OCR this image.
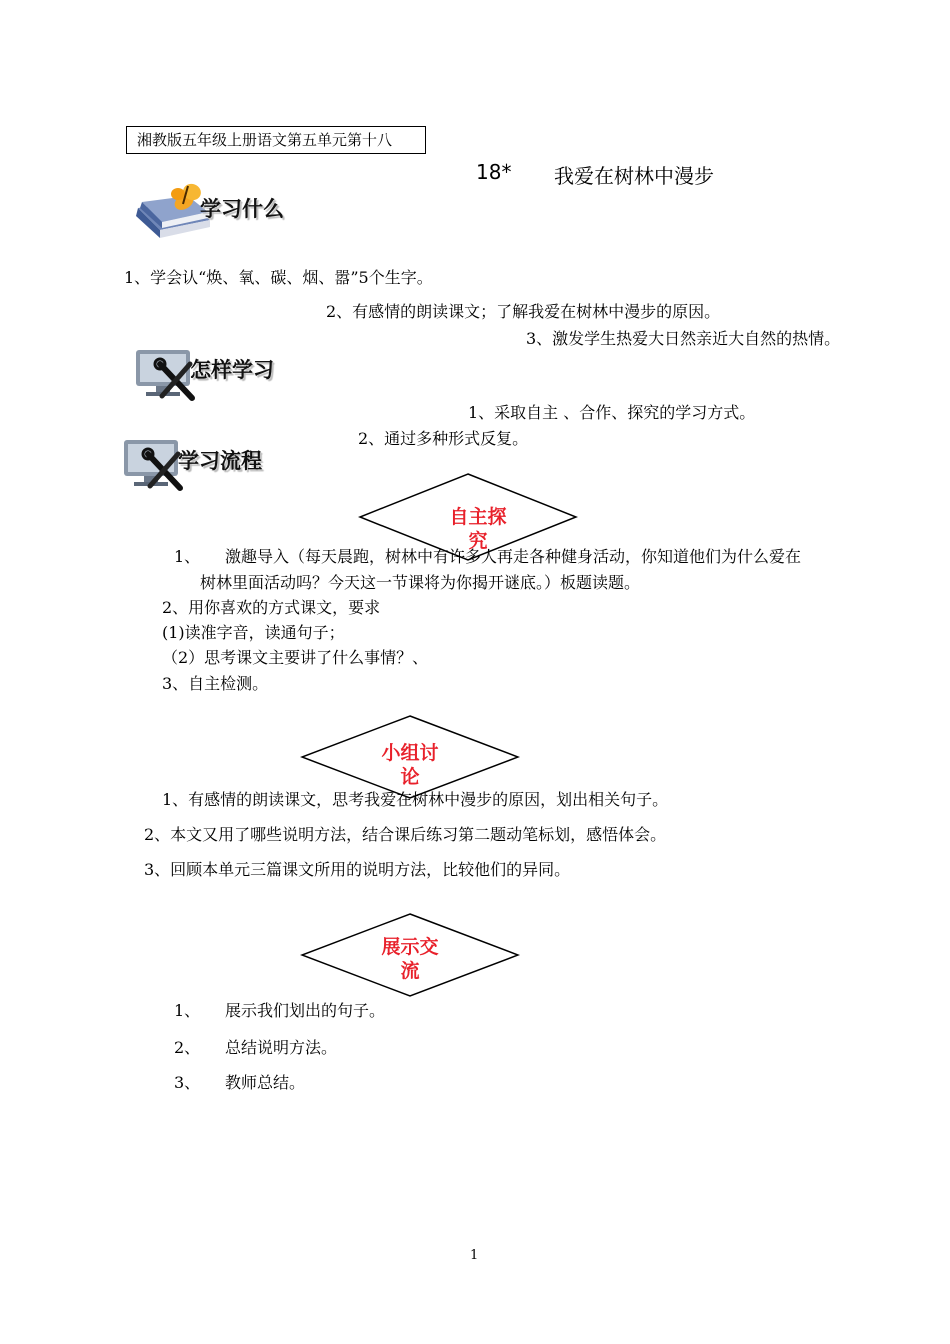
湘教版五年级上册语文第五单元第十八
18* 我爱在树林中漫步
学习什么
1、学会认“焕、氧、碳、烟、嚣”5个生字。
2、有感情的朗读课文；了解我爱在树林中漫步的原因。
3、激发学生热爱大日然亲近大自然的热情。
怎样学习
1、采取自主 、合作、探究的学习方式。
2、通过多种形式反复。
学习流程
自主探
究
1、 激趣导入（每天晨跑，树林中有许多人再走各种健身活动，你知道他们为什么爱在
树林里面活动吗？今天这一节课将为你揭开谜底。）板题读题。
2、用你喜欢的方式课文，要求
(1)读准字音，读通句子；
（2）思考课文主要讲了什么事情？、
3、自主检测。
小组讨
论
1、有感情的朗读课文，思考我爱在树林中漫步的原因，划出相关句子。
2、本文又用了哪些说明方法，结合课后练习第二题动笔标划，感悟体会。
3、回顾本单元三篇课文所用的说明方法，比较他们的异同。
展示交
流
1、 展示我们划出的句子。
2、 总结说明方法。
3、 教师总结。
1
